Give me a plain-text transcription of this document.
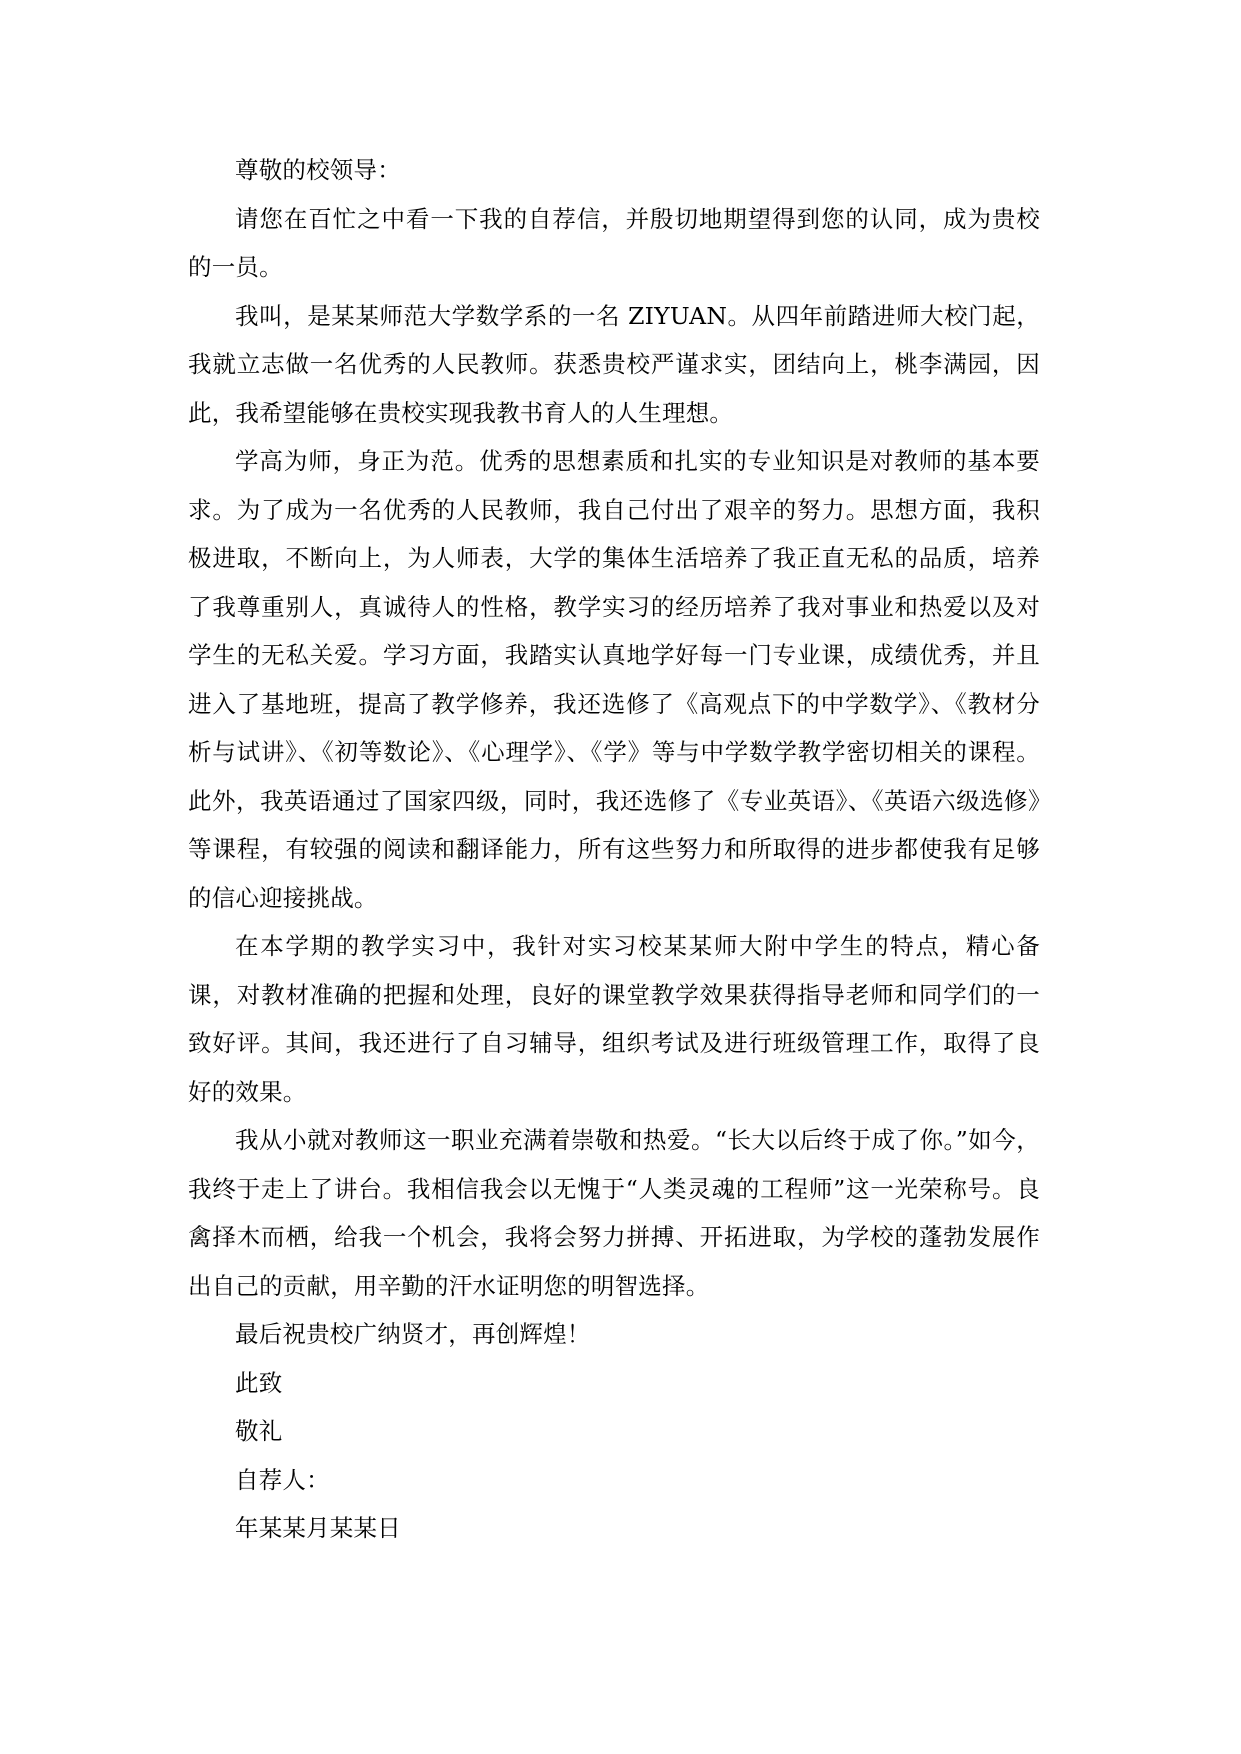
尊敬的校领导：

请您在百忙之中看一下我的自荐信，并殷切地期望得到您的认同，成为贵校的一员。

我叫，是某某师范大学数学系的一名 ZIYUAN。从四年前踏进师大校门起，我就立志做一名优秀的人民教师。获悉贵校严谨求实，团结向上，桃李满园，因此，我希望能够在贵校实现我教书育人的人生理想。

学高为师，身正为范。优秀的思想素质和扎实的专业知识是对教师的基本要求。为了成为一名优秀的人民教师，我自己付出了艰辛的努力。思想方面，我积极进取，不断向上，为人师表，大学的集体生活培养了我正直无私的品质，培养了我尊重别人，真诚待人的性格，教学实习的经历培养了我对事业和热爱以及对学生的无私关爱。学习方面，我踏实认真地学好每一门专业课，成绩优秀，并且进入了基地班，提高了教学修养，我还选修了《高观点下的中学数学》、《教材分析与试讲》、《初等数论》、《心理学》、《学》等与中学数学教学密切相关的课程。此外，我英语通过了国家四级，同时，我还选修了《专业英语》、《英语六级选修》等课程，有较强的阅读和翻译能力，所有这些努力和所取得的进步都使我有足够的信心迎接挑战。

在本学期的教学实习中，我针对实习校某某师大附中学生的特点，精心备课，对教材准确的把握和处理，良好的课堂教学效果获得指导老师和同学们的一致好评。其间，我还进行了自习辅导，组织考试及进行班级管理工作，取得了良好的效果。

我从小就对教师这一职业充满着崇敬和热爱。“长大以后终于成了你。”如今，我终于走上了讲台。我相信我会以无愧于“人类灵魂的工程师”这一光荣称号。良禽择木而栖，给我一个机会，我将会努力拼搏、开拓进取，为学校的蓬勃发展作出自己的贡献，用辛勤的汗水证明您的明智选择。

最后祝贵校广纳贤才，再创辉煌！

此致

敬礼

自荐人：

年某某月某某日
